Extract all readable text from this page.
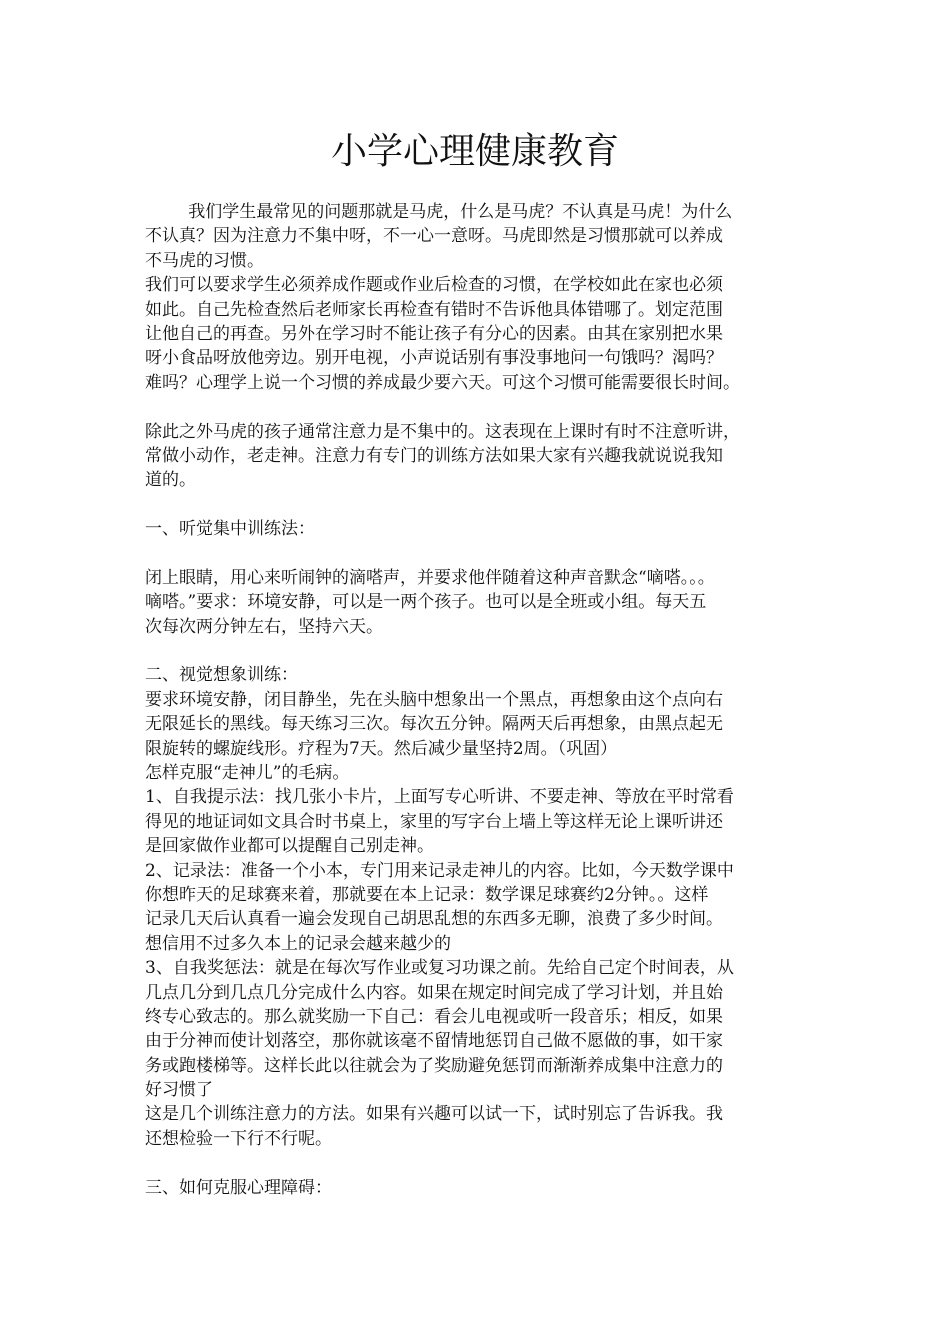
小学心理健康教育
我们学生最常见的问题那就是马虎，什么是马虎？不认真是马虎！为什么
不认真？因为注意力不集中呀，不一心一意呀。马虎即然是习惯那就可以养成
不马虎的习惯。
我们可以要求学生必须养成作题或作业后检查的习惯，在学校如此在家也必须
如此。自己先检查然后老师家长再检查有错时不告诉他具体错哪了。划定范围
让他自己的再查。另外在学习时不能让孩子有分心的因素。由其在家别把水果
呀小食品呀放他旁边。别开电视，小声说话别有事没事地问一句饿吗？渴吗？
难吗？心理学上说一个习惯的养成最少要六天。可这个习惯可能需要很长时间。
除此之外马虎的孩子通常注意力是不集中的。这表现在上课时有时不注意听讲，
常做小动作，老走神。注意力有专门的训练方法如果大家有兴趣我就说说我知
道的。
一、听觉集中训练法：
闭上眼睛，用心来听闹钟的滴嗒声，并要求他伴随着这种声音默念“嘀嗒。。。
嘀嗒。”要求：环境安静，可以是一两个孩子。也可以是全班或小组。每天五
次每次两分钟左右，坚持六天。
二、视觉想象训练：
要求环境安静，闭目静坐，先在头脑中想象出一个黑点，再想象由这个点向右
无限延长的黑线。每天练习三次。每次五分钟。隔两天后再想象，由黑点起无
限旋转的螺旋线形。疗程为7天。然后减少量坚持2周。（巩固）
怎样克服“走神儿”的毛病。
1、自我提示法：找几张小卡片，上面写专心听讲、不要走神、等放在平时常看
得见的地证词如文具合时书桌上，家里的写字台上墙上等这样无论上课听讲还
是回家做作业都可以提醒自己别走神。
2、记录法：准备一个小本，专门用来记录走神儿的内容。比如，今天数学课中
你想昨天的足球赛来着，那就要在本上记录：数学课足球赛约2分钟。。这样
记录几天后认真看一遍会发现自己胡思乱想的东西多无聊，浪费了多少时间。
想信用不过多久本上的记录会越来越少的
3、自我奖惩法：就是在每次写作业或复习功课之前。先给自己定个时间表，从
几点几分到几点几分完成什么内容。如果在规定时间完成了学习计划，并且始
终专心致志的。那么就奖励一下自己：看会儿电视或听一段音乐；相反，如果
由于分神而使计划落空，那你就该毫不留情地惩罚自己做不愿做的事，如干家
务或跑楼梯等。这样长此以往就会为了奖励避免惩罚而渐渐养成集中注意力的
好习惯了
这是几个训练注意力的方法。如果有兴趣可以试一下，试时别忘了告诉我。我
还想检验一下行不行呢。
三、如何克服心理障碍：
